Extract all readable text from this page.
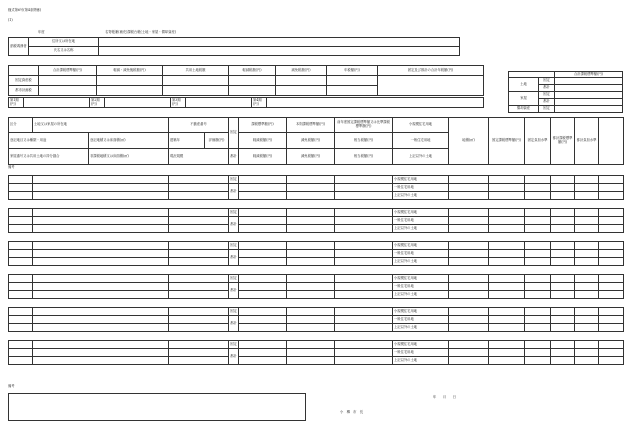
様式第6号(第4条関係)
(1)
年度	名寄帳兼(補充)課税台帳(土地・家屋・償却資産)
納税義務者	住所又は所在地	
	氏名又は名称	
	合計課税標準額(円)	軽減・減免後税額(円)	共用土地税額	軽減税額(円)	減免税額(円)	年税額(円)	固定及び都計の合計年税額(円)
固定資産税							
都市計画税							
第1期(円)		第2期(円)		第3期(円)		第4期(円)	
		合計課税標準額(円)
土地	固定	
	都計	
家屋	固定	
	都計	
償却資産	固定	
区分	土地又は家屋の所在地		不動産番号		固定	課税標準額(円)	本則課税標準額(円)	前年度固定課税標準額又は比準課税標準額(円)	小規模住宅用地	地積(㎡)	固定課税標準額(円)	固定負担水準	都計課税標準額(円)	都計負担水準	
登記地目又は種類・用途		登記地積又は床面積(㎡)	建築年	評価額(円)		軽減税額(円)	減免税額(円)	相当税額(円)	一般住宅用地						
家屋番号又は共用土地の持分割合		非課税地積又は床面積(㎡)	現況規模		都計	軽減税額(円)	減免税額(円)	相当税額(円)	上記以外の土地						
備考
			固定				小規模住宅用地						
			都計				一般住宅用地						
							上記以外の土地						
			固定				小規模住宅用地						
			都計				一般住宅用地						
							上記以外の土地						
			固定				小規模住宅用地						
			都計				一般住宅用地						
							上記以外の土地						
			固定				小規模住宅用地						
			都計				一般住宅用地						
							上記以外の土地						
			固定				小規模住宅用地						
			都計				一般住宅用地						
							上記以外の土地						
			固定				小規模住宅用地						
			都計				一般住宅用地						
							上記以外の土地						
備考
年　　月　　日
小　樽　市　長
